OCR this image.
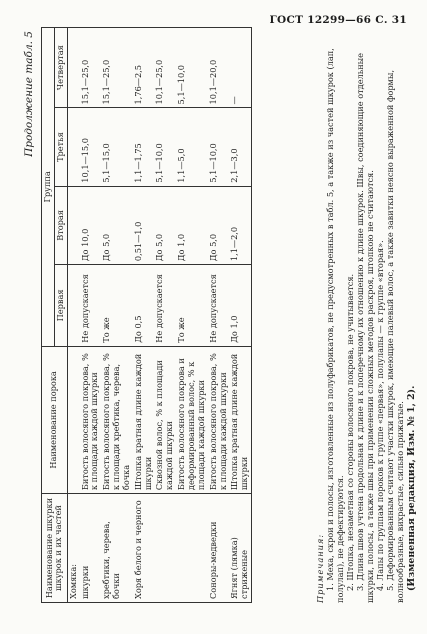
ГОСТ 12299—66 С. 31
Продолжение табл. 5
Наименование шкурки шкурок и их частей	Наименование порока	Группа			
		Первая	Вторая	Третья	Четвертая
Хомяка:					
шкурки	Битость волосяного покрова, % к площади каждой шкурки	Не допускается	До 10,0	10,1—15,0	15,1—25,0
хребтики, черева, бочки	Битость волосяного покрова, % к площади хребтика, черева, бочка	То же	До 5,0	5,1—15,0	15,1—25,0
Хоря белого и черного	Штопка кратная длине каждой шкурки	До 0,5	0,51—1,0	1,1—1,75	1,76—2,5
	Сквозной волос, % к площади каждой шкурки	Не допускается	До 5,0	5,1—10,0	10,1—25,0
	Битость волосяного покрова и деформированный волос, % к площади каждой шкурки	То же	До 1,0	1,1—5,0	5,1—10,0
Соноры-медведки	Битость волосяного покрова, % к площади каждой шкурки	Не допускается	До 5,0	5,1—10,0	10,1—20,0
Ягнят (лямка) стриженые	Штопка кратная длине каждой шкурки	До 1,0	1,1—2,0	2,1—3,0	—

Примечания: 1. Меха, скрои и полосы, изготовленные из полуфабрикатов, не предусмотренных в табл. 5, а также из частей шкурок (лап, полулап), не дефектируются. 2. Штопка, незаметная со стороны волосяного покрова, не учитывается. 3. Длина швов учтена продольная к длине и к поперечному их отношению к длине шкурок. Швы, соединяющие отдельные шкурки, полосы, а также швы при применении сложных методов раскроя, штопкою не считаются. 4. Лапы по группам пороков к группе «первая», полулапы — к группе «вторая». 5. Деформированным считают участки шкурок, имеющие палевый волос, а также завитки неясно выраженной формы, волнообразные, вихрастые, сильно прижатые. (Измененная редакция, Изм. № 1, 2).
